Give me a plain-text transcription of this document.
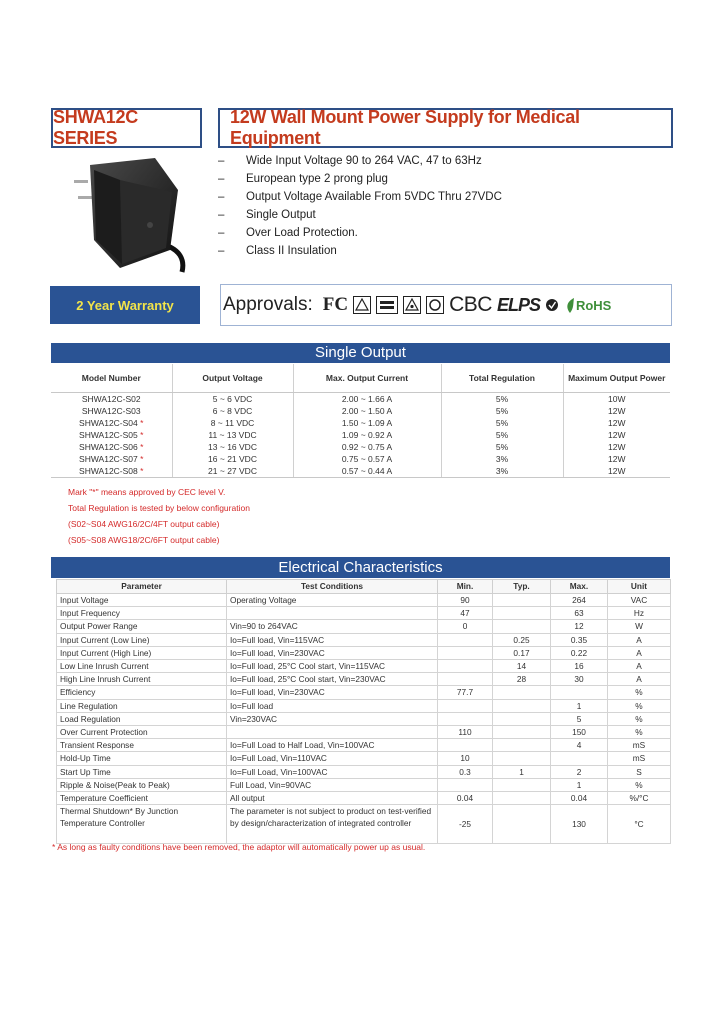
SHWA12C SERIES
12W Wall Mount Power Supply for Medical Equipment
– Wide Input Voltage 90 to 264 VAC, 47 to 63Hz
– European type 2 prong plug
– Output Voltage Available From 5VDC Thru 27VDC
– Single Output
– Over Load Protection.
– Class II Insulation
2 Year Warranty	Approvals: FC	CBC ELPS	RoHS
Single Output
Model Number	Output Voltage	Max. Output Current	Total Regulation	Maximum Output Power
SHWA12C-S02	5 ~ 6 VDC	2.00 ~ 1.66 A	5%	10W
SHWA12C-S03	6 ~ 8 VDC	2.00 ~ 1.50 A	5%	12W
SHWA12C-S04 *	8 ~ 11 VDC	1.50 ~ 1.09 A	5%	12W
SHWA12C-S05 *	11 ~ 13 VDC	1.09 ~ 0.92 A	5%	12W
SHWA12C-S06 *	13 ~ 16 VDC	0.92 ~ 0.75 A	5%	12W
SHWA12C-S07 *	16 ~ 21 VDC	0.75 ~ 0.57 A	3%	12W
SHWA12C-S08 *	21 ~ 27 VDC	0.57 ~ 0.44 A	3%	12W
Mark "*" means approved by CEC level V.
Total Regulation is tested by below configuration
(S02~S04 AWG16/2C/4FT output cable)
(S05~S08 AWG18/2C/6FT output cable)
Electrical Characteristics
Parameter	Test Conditions	Min.	Typ.	Max.	Unit
Input Voltage	Operating Voltage	90		264	VAC
Input Frequency		47		63	Hz
Output Power Range	Vin=90 to 264VAC	0		12	W
Input Current (Low Line)	Io=Full load, Vin=115VAC		0.25	0.35	A
Input Current (High Line)	Io=Full load, Vin=230VAC		0.17	0.22	A
Low Line Inrush Current	Io=Full load, 25°C Cool start, Vin=115VAC		14	16	A
High Line Inrush Current	Io=Full load, 25°C Cool start, Vin=230VAC		28	30	A
Efficiency	Io=Full load, Vin=230VAC	77.7			%
Line Regulation	Io=Full load			1	%
Load Regulation	Vin=230VAC			5	%
Over Current Protection		110		150	%
Transient Response	Io=Full Load to Half Load, Vin=100VAC			4	mS
Hold-Up Time	Io=Full Load, Vin=110VAC	10			mS
Start Up Time	Io=Full Load, Vin=100VAC	0.3	1	2	S
Ripple & Noise(Peak to Peak)	Full Load, Vin=90VAC			1	%
Temperature Coefficient	All output	0.04		0.04	%/°C
Thermal Shutdown* By Junction Temperature Controller	The parameter is not subject to product on test-verified by design/characterization of integrated controller	-25		130	°C
* As long as faulty conditions have been removed, the adaptor will automatically power up as usual.
